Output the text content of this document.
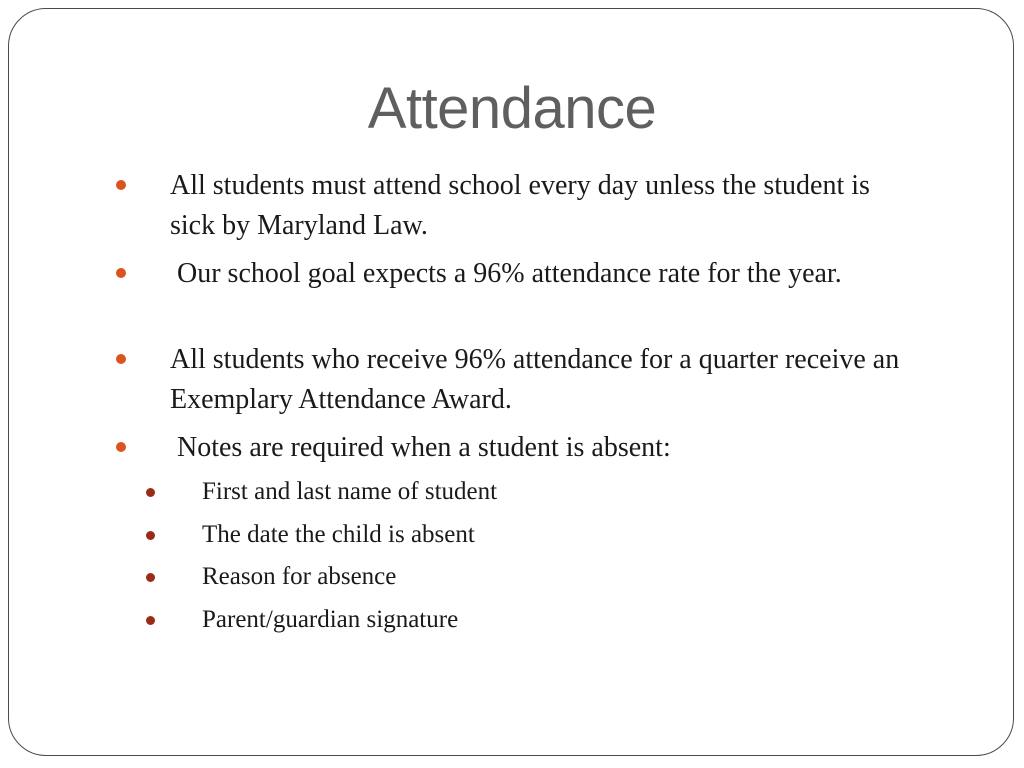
Attendance
All students must attend school every day unless the student is sick by Maryland Law.
Our school goal expects a 96% attendance rate for the year.
All students who receive 96% attendance for a quarter receive an Exemplary Attendance Award.
Notes are required when a student is absent:
First and last name of student
The date the child is absent
Reason for absence
Parent/guardian signature
